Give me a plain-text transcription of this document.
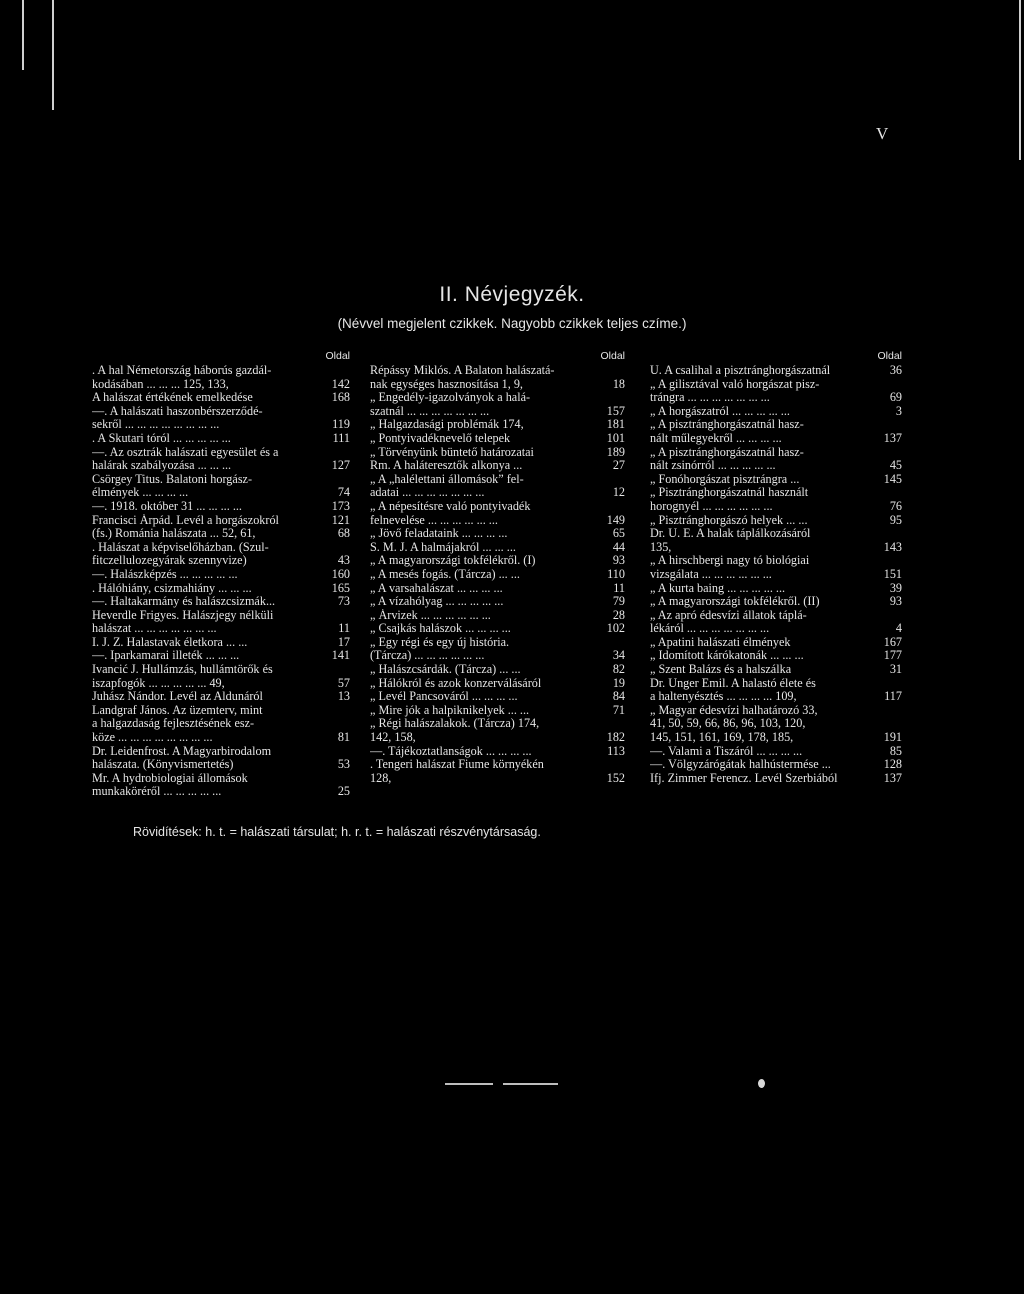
V
II. Névjegyzék.
(Névvel megjelent czikkek. Nagyobb czikkek teljes czíme.)
Oldal
. A hal Németország háborús gazdál-
kodásában ... ... ... 125, 133,	142
A halászat értékének emelkedése	168
—. A halászati haszonbérszerződé-
sekről ... ... ... ... ... ... ... ...	119
. A Skutari tóról ... ... ... ... ...	111
—. Az osztrák halászati egyesület és a
halárak szabályozása ... ... ...	127
Csörgey Titus. Balatoni horgász-
élmények ... ... ... ...	74
—. 1918. október 31 ... ... ... ...	173
Francisci Árpád. Levél a horgászokról	121
(fs.) Románia halászata ... 52, 61,	68
. Halászat a képviselőházban. (Szul-
fitczellulozegyárak szennyvize)	43
—. Halászképzés ... ... ... ... ...	160
. Hálóhiány, csizmahiány ... ... ...	165
—. Haltakarmány és halászcsizmák...	73
Heverdle Frigyes. Halászjegy nélküli
halászat ... ... ... ... ... ... ...	11
I. J. Z. Halastavak életkora ... ...	17
—. Iparkamarai illeték ... ... ...	141
Ivancić J. Hullámzás, hullámtörők és
iszapfogók ... ... ... ... ... 49,	57
Juhász Nándor. Levél az Aldunáról	13
Landgraf János. Az üzemterv, mint
a halgazdaság fejlesztésének esz-
köze ... ... ... ... ... ... ... ...	81
Dr. Leidenfrost. A Magyarbirodalom
halászata. (Könyvismertetés)	53
Mr. A hydrobiologiai állomások
munkaköréről ... ... ... ... ...	25
Oldal
Répássy Miklós. A Balaton halászatá-
nak egységes hasznosítása 1, 9,	18
„ Engedély-igazolványok a halá-
szatnál ... ... ... ... ... ... ...	157
„ Halgazdasági problémák 174,	181
„ Pontyivadéknevelő telepek	101
„ Törvényünk büntető határozatai	189
Rm. A haláteresztők alkonya ...	27
„ A „halélettani állomások” fel-
adatai ... ... ... ... ... ... ...	12
„ A népesítésre való pontyivadék
felnevelése ... ... ... ... ... ...	149
„ Jövő feladataink ... ... ... ...	65
S. M. J. A halmájakról ... ... ...	44
„ A magyarországi tokfélékről. (I)	93
„ A mesés fogás. (Tárcza) ... ...	110
„ A varsahalászat ... ... ... ...	11
„ A vízahólyag ... ... ... ... ...	79
„ Árvizek ... ... ... ... ... ...	28
„ Csajkás halászok ... ... ... ...	102
„ Egy régi és egy új história.
(Tárcza) ... ... ... ... ... ...	34
„ Halászcsárdák. (Tárcza) ... ...	82
„ Hálókról és azok konzerválásáról	19
„ Levél Pancsováról ... ... ... ...	84
„ Mire jók a halpiknikelyek ... ...	71
„ Régi halászalakok. (Tárcza) 174,
142, 158,	182
—. Tájékoztatlanságok ... ... ... ...	113
. Tengeri halászat Fiume környékén
128,	152
Oldal
U. A csalihal a pisztránghorgászatnál	36
„ A gilisztával való horgászat pisz-
trángra ... ... ... ... ... ... ...	69
„ A horgászatról ... ... ... ... ...	3
„ A pisztránghorgászatnál hasz-
nált műlegyekről ... ... ... ...	137
„ A pisztránghorgászatnál hasz-
nált zsinórról ... ... ... ... ...	45
„ Fonóhorgászat pisztrángra ...	145
„ Pisztránghorgászatnál használt
horognyél ... ... ... ... ... ...	76
„ Pisztránghorgászó helyek ... ...	95
Dr. U. E. A halak táplálkozásáról
135,	143
„ A hirschbergi nagy tó biológiai
vizsgálata ... ... ... ... ... ...	151
„ A kurta baing ... ... ... ... ...	39
„ A magyarországi tokfélékről. (II)	93
„ Az apró édesvízi állatok táplá-
lékáról ... ... ... ... ... ... ...	4
„ Apatini halászati élmények	167
„ Idomított kárókatonák ... ... ...	177
„ Szent Balázs és a halszálka	31
Dr. Unger Emil. A halastó élete és
a haltenyésztés ... ... ... ... 109,	117
„ Magyar édesvízi halhatározó 33,
41, 50, 59, 66, 86, 96, 103, 120,
145, 151, 161, 169, 178, 185,	191
—. Valami a Tiszáról ... ... ... ...	85
—. Völgyzárógátak halhústermése ...	128
Ifj. Zimmer Ferencz. Levél Szerbiából	137
Rövidítések: h. t. = halászati társulat; h. r. t. = halászati részvénytársaság.
